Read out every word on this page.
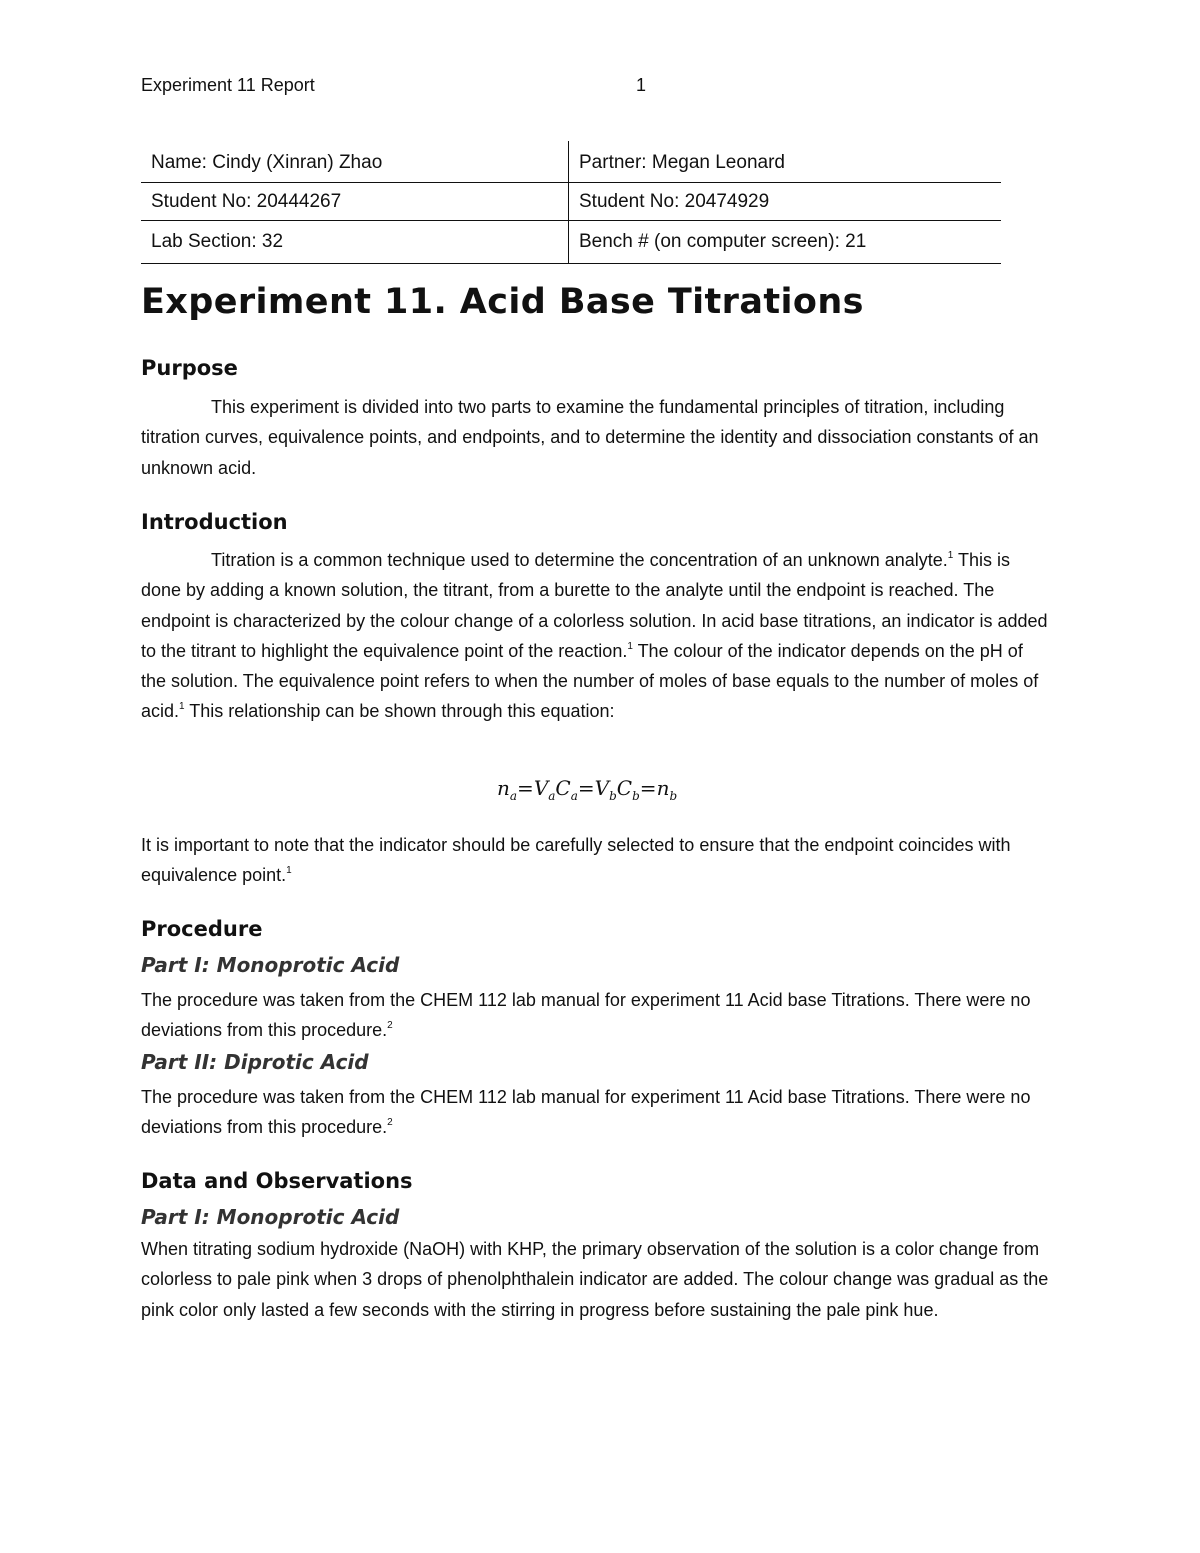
Experiment 11 Report	1
Name: Cindy (Xinran) Zhao	Partner: Megan Leonard
Student No: 20444267	Student No: 20474929
Lab Section: 32	Bench # (on computer screen): 21
Experiment 11. Acid Base Titrations
Purpose

This experiment is divided into two parts to examine the fundamental principles of titration, including titration curves, equivalence points, and endpoints, and to determine the identity and dissociation constants of an unknown acid.

Introduction

Titration is a common technique used to determine the concentration of an unknown analyte.$^1$ This is done by adding a known solution, the titrant, from a burette to the analyte until the endpoint is reached. The endpoint is characterized by the colour change of a colorless solution. In acid base titrations, an indicator is added to the titrant to highlight the equivalence point of the reaction.$^1$ The colour of the indicator depends on the pH of the solution. The equivalence point refers to when the number of moles of base equals to the number of moles of acid.$^1$ This relationship can be shown through this equation:

$n_a=V_aC_a=V_bC_b=n_b$

It is important to note that the indicator should be carefully selected to ensure that the endpoint coincides with equivalence point.$^1$

Procedure
Part I: Monoprotic Acid

The procedure was taken from the CHEM 112 lab manual for experiment 11 Acid base Titrations. There were no deviations from this procedure.$^2$

Part II: Diprotic Acid

The procedure was taken from the CHEM 112 lab manual for experiment 11 Acid base Titrations. There were no deviations from this procedure.$^2$

Data and Observations
Part I: Monoprotic Acid

When titrating sodium hydroxide (NaOH) with KHP, the primary observation of the solution is a color change from colorless to pale pink when 3 drops of phenolphthalein indicator are added. The colour change was gradual as the pink color only lasted a few seconds with the stirring in progress before sustaining the pale pink hue.
